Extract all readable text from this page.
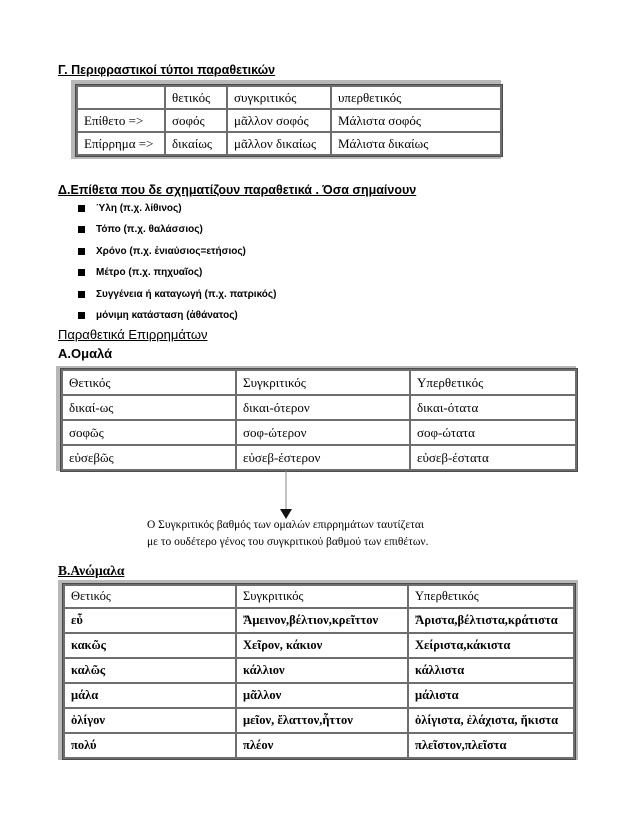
Γ. Περιφραστικοί τύποι παραθετικών
	θετικός	συγκριτικός	υπερθετικός
Επίθετο =>	σοφός	μᾶλλον σοφός	Μάλιστα σοφός
Επίρρημα =>	δικαίως	μᾶλλον δικαίως	Μάλιστα δικαίως
Δ.Επίθετα που δε σχηματίζουν παραθετικά . Όσα σημαίνουν
Ύλη (π.χ. λίθινος)
Τόπο (π.χ. θαλάσσιος)
Χρόνο (π.χ. ἐνιαύσιος=ετήσιος)
Μέτρο (π.χ. πηχυαῖος)
Συγγένεια ή καταγωγή (π.χ. πατρικός)
μόνιμη κατάσταση (ἀθάνατος)
Παραθετικά Επιρρημάτων
Α.Ομαλά
Θετικός	Συγκριτικός	Υπερθετικός
δικαί-ως	δικαι-ότερον	δικαι-ότατα
σοφῶς	σοφ-ώτερον	σοφ-ώτατα
εὐσεβῶς	εὐσεβ-έστερον	εὐσεβ-έστατα
Ο Συγκριτικός βαθμός των ομαλών επιρρημάτων ταυτίζεται
με το ουδέτερο γένος του συγκριτικού βαθμού των επιθέτων.
Β.Ανώμαλα
Θετικός	Συγκριτικός	Υπερθετικός
εὖ	Ἄμεινον,βέλτιον,κρεῖττον	Ἄριστα,βέλτιστα,κράτιστα
κακῶς	Χεῖρον, κάκιον	Χείριστα,κάκιστα
καλῶς	κάλλιον	κάλλιστα
μάλα	μᾶλλον	μάλιστα
ὀλίγον	μεῖον, ἔλαττον,ἧττον	ὀλίγιστα, ἐλάχιστα, ἥκιστα
πολύ	πλέον	πλεῖστον,πλεῖστα
